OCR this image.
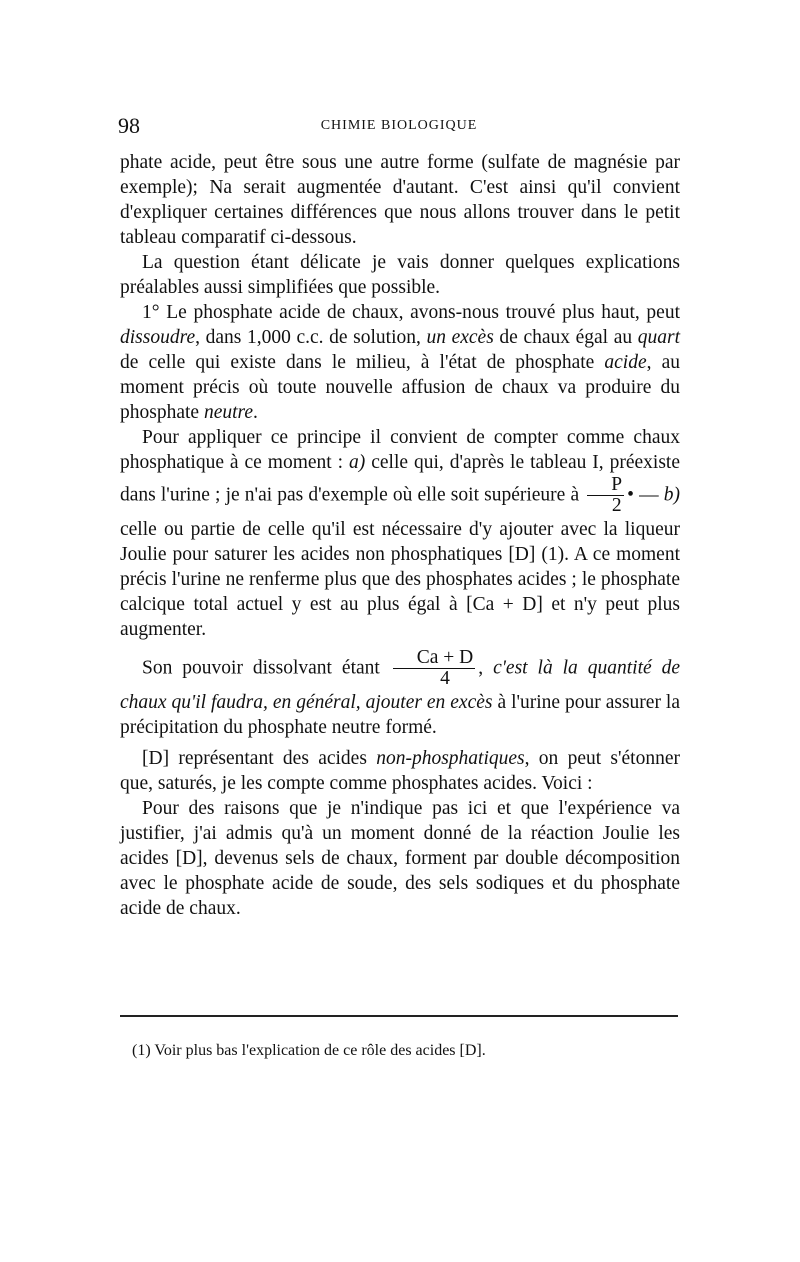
98	CHIMIE BIOLOGIQUE

phate acide, peut être sous une autre forme (sulfate de magnésie par exemple); Na serait augmentée d'autant. C'est ainsi qu'il convient d'expliquer certaines différences que nous allons trouver dans le petit tableau comparatif ci-dessous.

La question étant délicate je vais donner quelques explications préalables aussi simplifiées que possible.

1° Le phosphate acide de chaux, avons-nous trouvé plus haut, peut dissoudre, dans 1,000 c.c. de solution, un excès de chaux égal au quart de celle qui existe dans le milieu, à l'état de phosphate acide, au moment précis où toute nouvelle affusion de chaux va produire du phosphate neutre.

Pour appliquer ce principe il convient de compter comme chaux phosphatique à ce moment : a) celle qui, d'après le tableau I, préexiste dans l'urine ; je n'ai pas d'exemple où elle soit supérieure à $\frac{P}{2}$ • — b) celle ou partie de celle qu'il est nécessaire d'y ajouter avec la liqueur Joulie pour saturer les acides non phosphatiques [D] (1). A ce moment précis l'urine ne renferme plus que des phosphates acides ; le phosphate calcique total actuel y est au plus égal à [Ca + D] et n'y peut plus augmenter.

Son pouvoir dissolvant étant $\frac{Ca + D}{4}$ , c'est là la quantité de chaux qu'il faudra, en général, ajouter en excès à l'urine pour assurer la précipitation du phosphate neutre formé.

[D] représentant des acides non-phosphatiques, on peut s'étonner que, saturés, je les compte comme phosphates acides. Voici :

Pour des raisons que je n'indique pas ici et que l'expérience va justifier, j'ai admis qu'à un moment donné de la réaction Joulie les acides [D], devenus sels de chaux, forment par double décomposition avec le phosphate acide de soude, des sels sodiques et du phosphate acide de chaux.

(1) Voir plus bas l'explication de ce rôle des acides [D].
